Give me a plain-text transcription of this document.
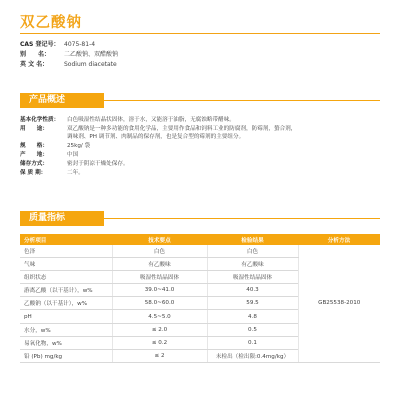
双乙酸钠
CAS 登记号： 4075-81-4
别　　名： 二乙酸钠、双醋酸钠
英 文 名：	Sodium diacetate
产品概述
基本化学性质： 白色吸湿性结晶状固体，溶于水，又能溶于油脂，无腐蚀略带醋味。
用　　途：	双乙酸钠是一种多功能的食用化学品，主要用作食品和饲料工业的防腐剂，防霉剂，螯合剂，
调味剂、PH 调节剂、肉制品的保存剂，也是复合型的霉剂的主要组分。
规　　格：	25kg/ 袋
产　　地：	中国
储存方式：	密封于阴凉干燥处保存。
保 质 期：	二年。
质量指标
分析项目	技术要点	检验结果	分析方法
色泽	白色	白色	GB25538-2010
气味	有乙酸味	有乙酸味	
组织状态	吸湿性结晶固体	吸湿性结晶固体	
游离乙酸（以干基计），w%	39.0~41.0	40.3	
乙酸钠（以干基计），w%	58.0~60.0	59.5	
pH	4.5~5.0	4.8	
水分，w%	≤ 2.0	0.5	
易氧化物，w%	≤ 0.2	0.1	
铅 (Pb) mg/kg	≤ 2	未检出（检出限:0.4mg/kg）	
